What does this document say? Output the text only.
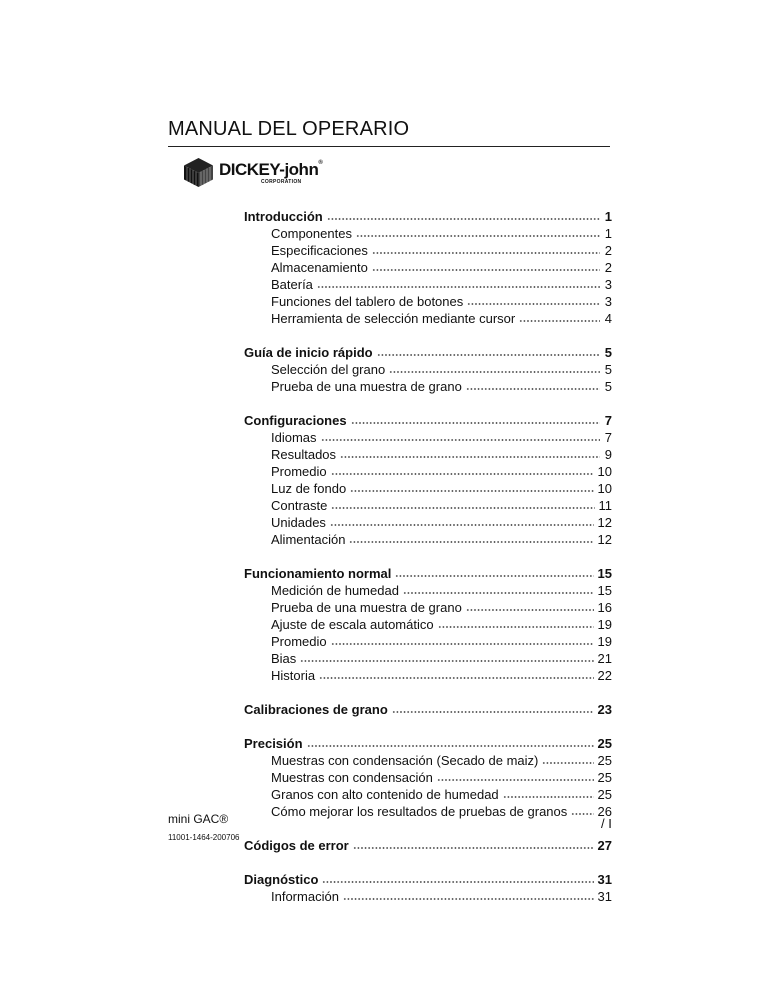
MANUAL DEL OPERARIO
DICKEY-john®
CORPORATION
Introducción	1
Componentes	1
Especificaciones	2
Almacenamiento	2
Batería	3
Funciones del tablero de botones	3
Herramienta de selección mediante cursor	4
Guía de inicio rápido	5
Selección del grano	5
Prueba de una muestra de grano	5
Configuraciones	7
Idiomas	7
Resultados	9
Promedio	10
Luz de fondo	10
Contraste	11
Unidades	12
Alimentación	12
Funcionamiento normal	15
Medición de humedad	15
Prueba de una muestra de grano	16
Ajuste de escala automático	19
Promedio	19
Bias	21
Historia	22
Calibraciones de grano	23
Precisión	25
Muestras con condensación (Secado de maiz)	25
Muestras con condensación	25
Granos con alto contenido de humedad	25
Cómo mejorar los resultados de pruebas de granos	26
Códigos de error	27
Diagnóstico	31
Información	31
mini GAC®
11001-1464-200706
/ I
